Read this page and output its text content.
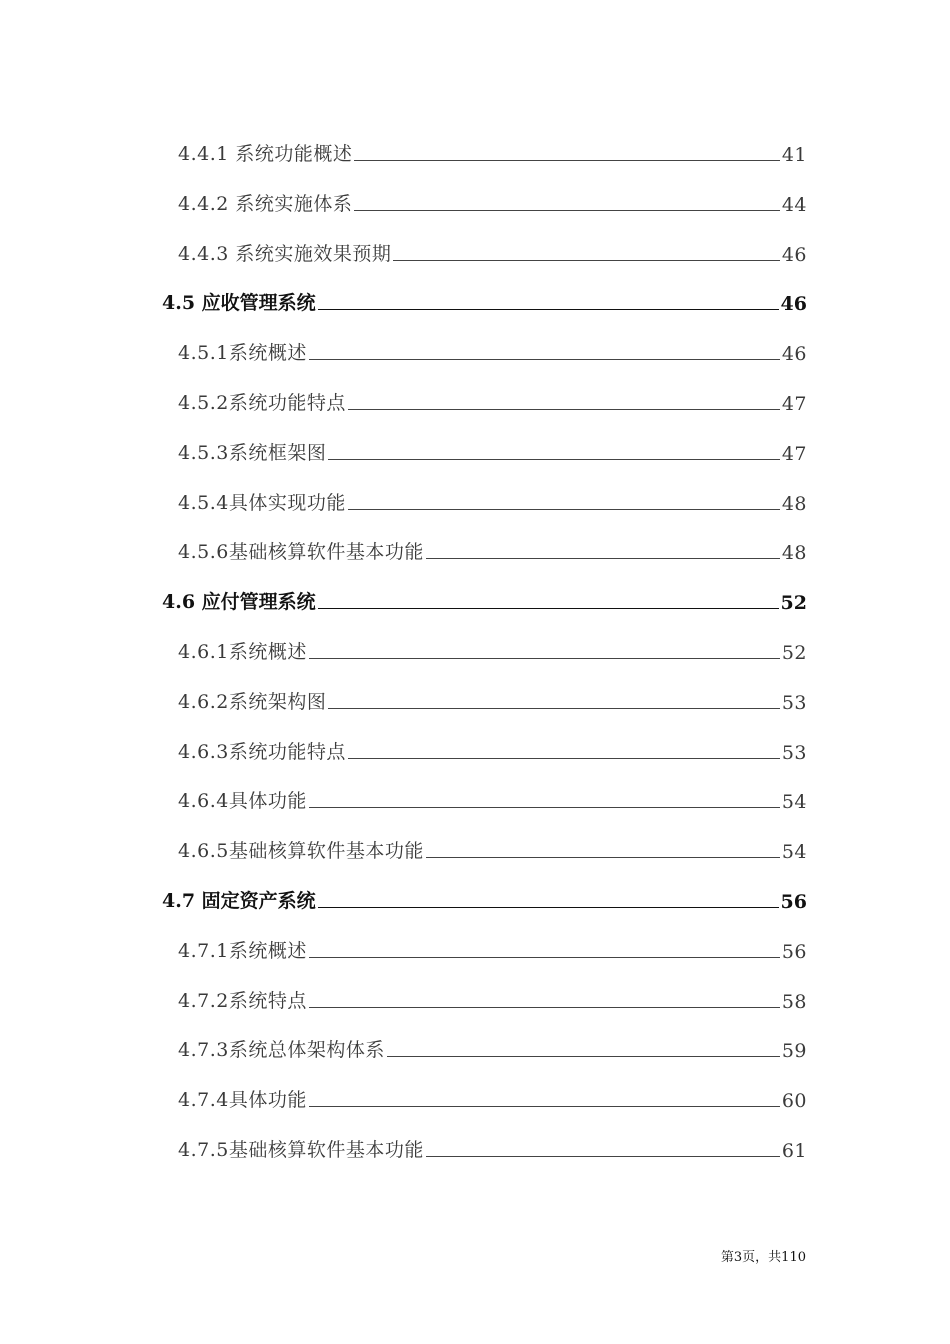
4.4.1 系统功能概述	41
4.4.2 系统实施体系	44
4.4.3 系统实施效果预期	46
4.5 应收管理系统	46
4.5.1系统概述	46
4.5.2系统功能特点	47
4.5.3系统框架图	47
4.5.4具体实现功能	48
4.5.6基础核算软件基本功能	48
4.6 应付管理系统	52
4.6.1系统概述	52
4.6.2系统架构图	53
4.6.3系统功能特点	53
4.6.4具体功能	54
4.6.5基础核算软件基本功能	54
4.7 固定资产系统	56
4.7.1系统概述	56
4.7.2系统特点	58
4.7.3系统总体架构体系	59
4.7.4具体功能	60
4.7.5基础核算软件基本功能	61
第3页，共110
